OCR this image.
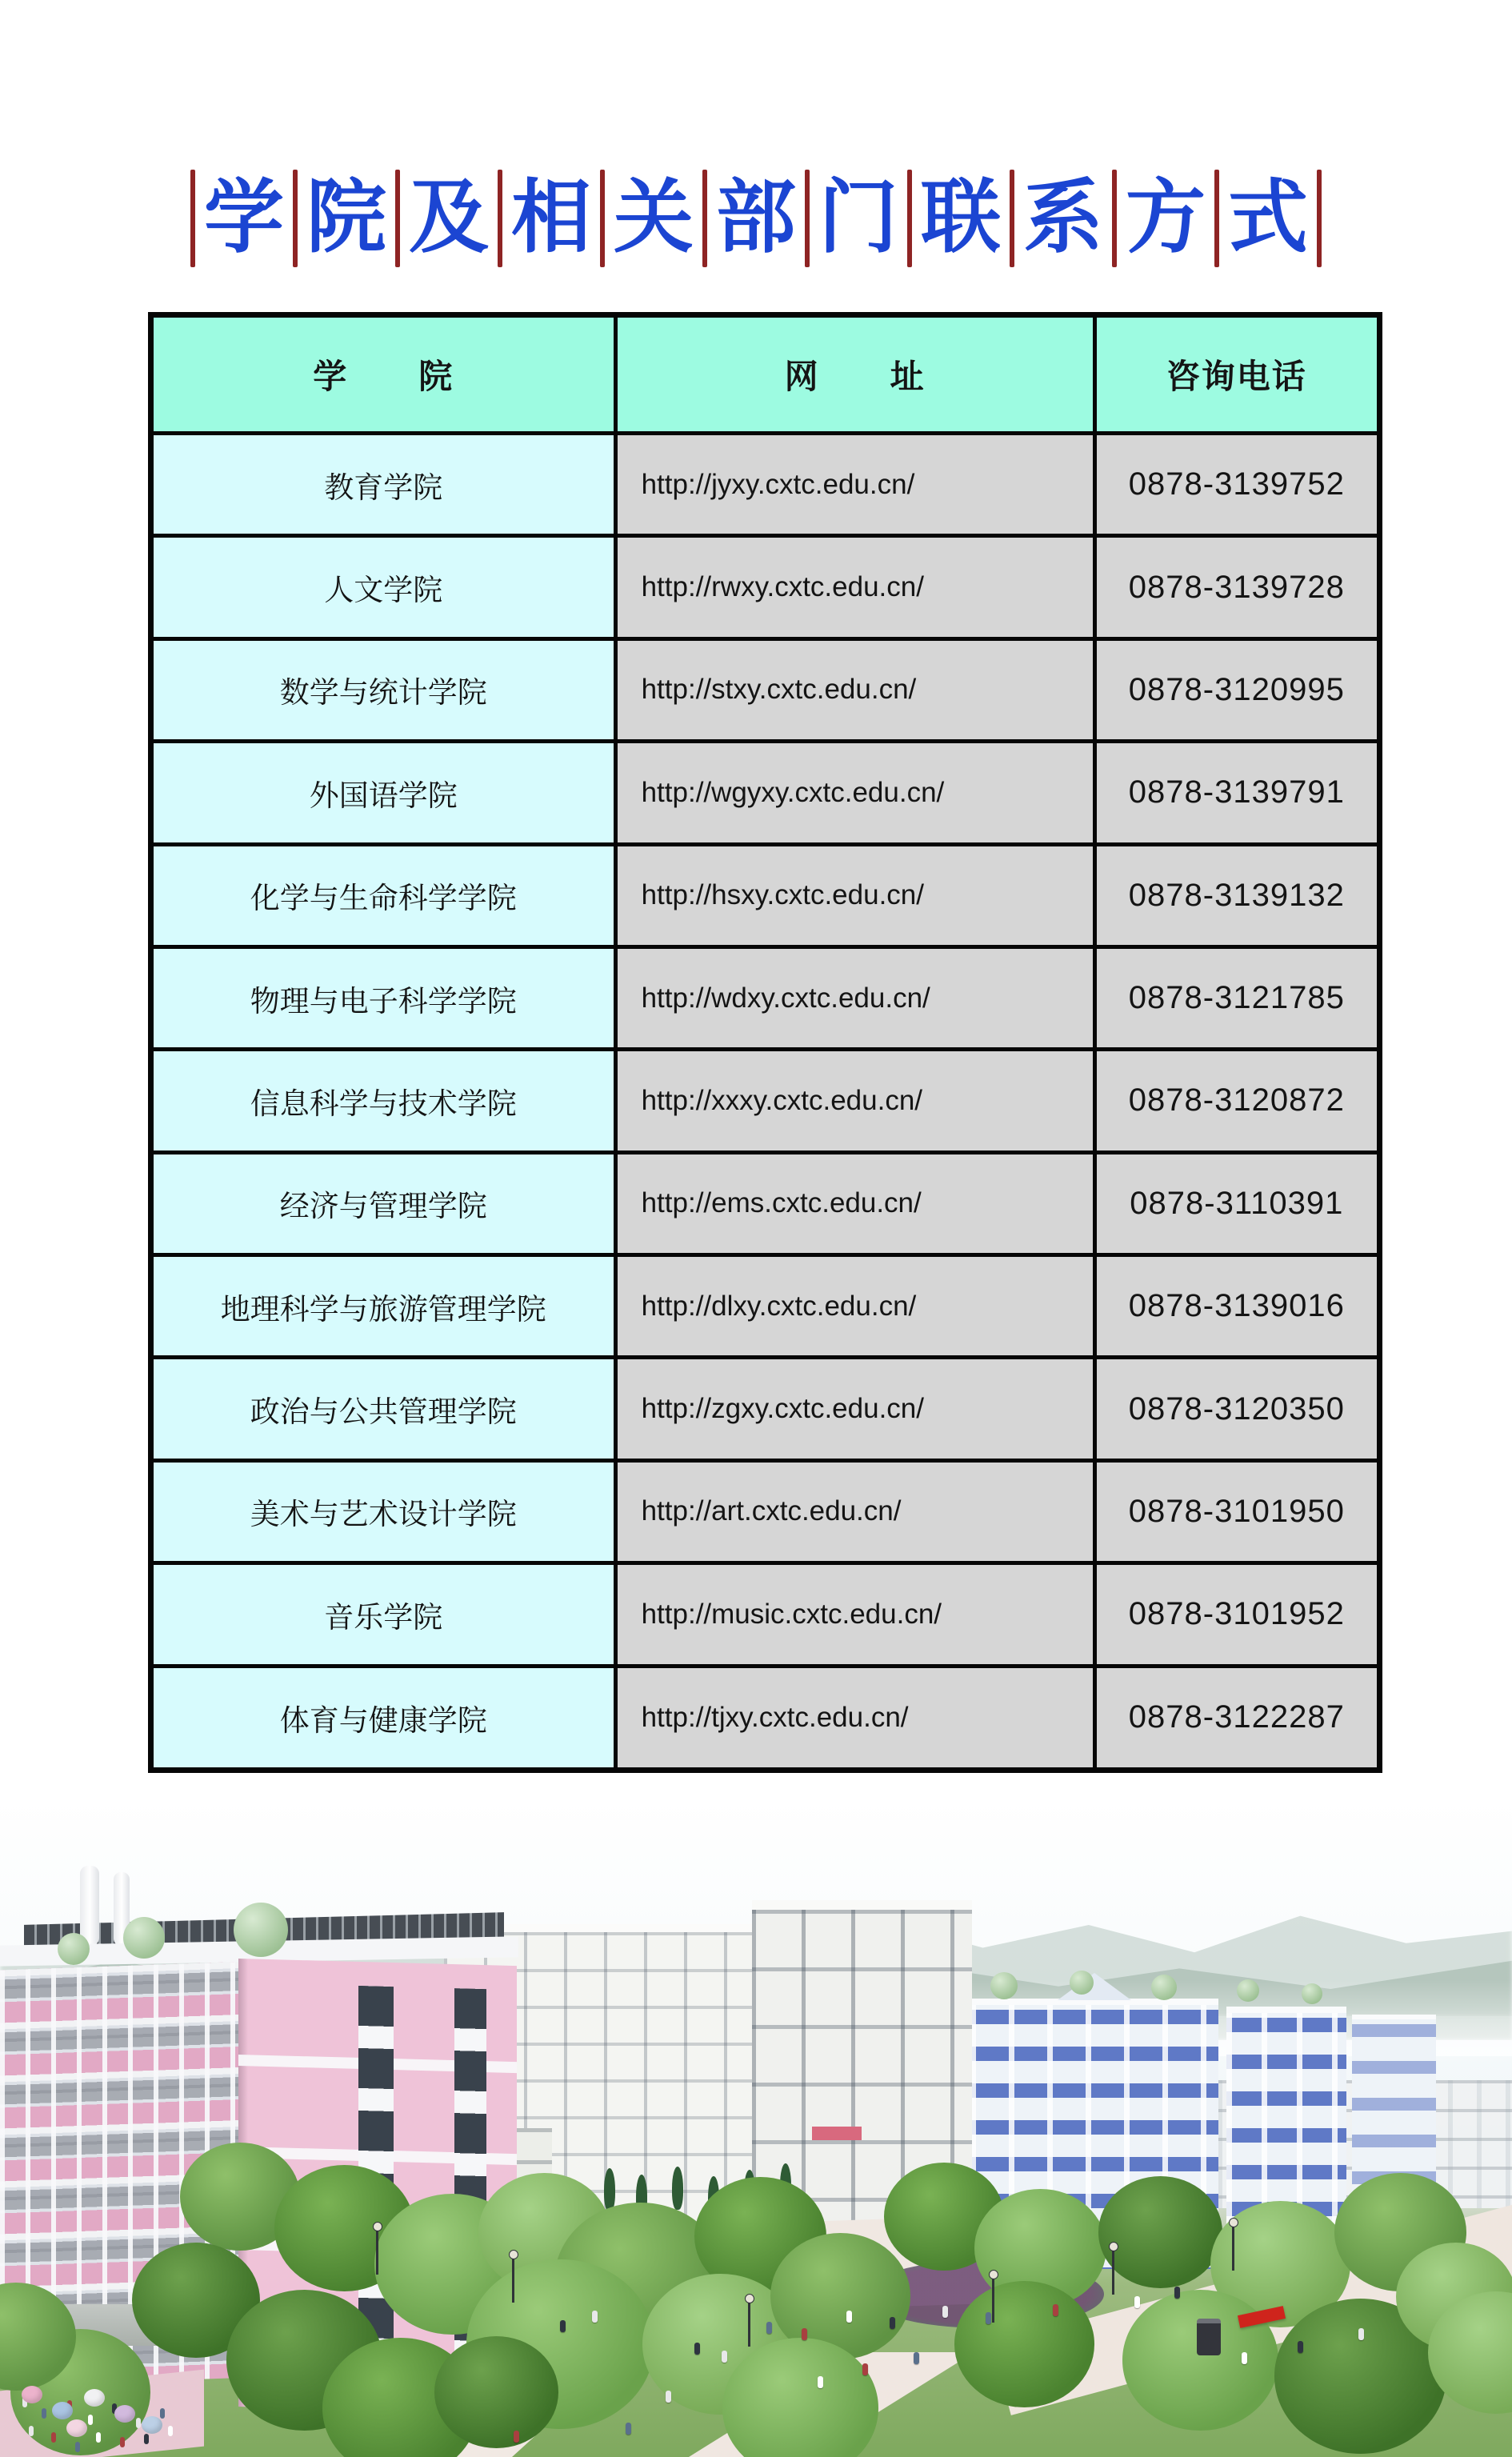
学 院 及 相 关 部 门 联 系 方 式
学　　院	网　　址	咨询电话
教育学院	http://jyxy.cxtc.edu.cn/	0878-3139752
人文学院	http://rwxy.cxtc.edu.cn/	0878-3139728
数学与统计学院	http://stxy.cxtc.edu.cn/	0878-3120995
外国语学院	http://wgyxy.cxtc.edu.cn/	0878-3139791
化学与生命科学学院	http://hsxy.cxtc.edu.cn/	0878-3139132
物理与电子科学学院	http://wdxy.cxtc.edu.cn/	0878-3121785
信息科学与技术学院	http://xxxy.cxtc.edu.cn/	0878-3120872
经济与管理学院	http://ems.cxtc.edu.cn/	0878-3110391
地理科学与旅游管理学院	http://dlxy.cxtc.edu.cn/	0878-3139016
政治与公共管理学院	http://zgxy.cxtc.edu.cn/	0878-3120350
美术与艺术设计学院	http://art.cxtc.edu.cn/	0878-3101950
音乐学院	http://music.cxtc.edu.cn/	0878-3101952
体育与健康学院	http://tjxy.cxtc.edu.cn/	0878-3122287
